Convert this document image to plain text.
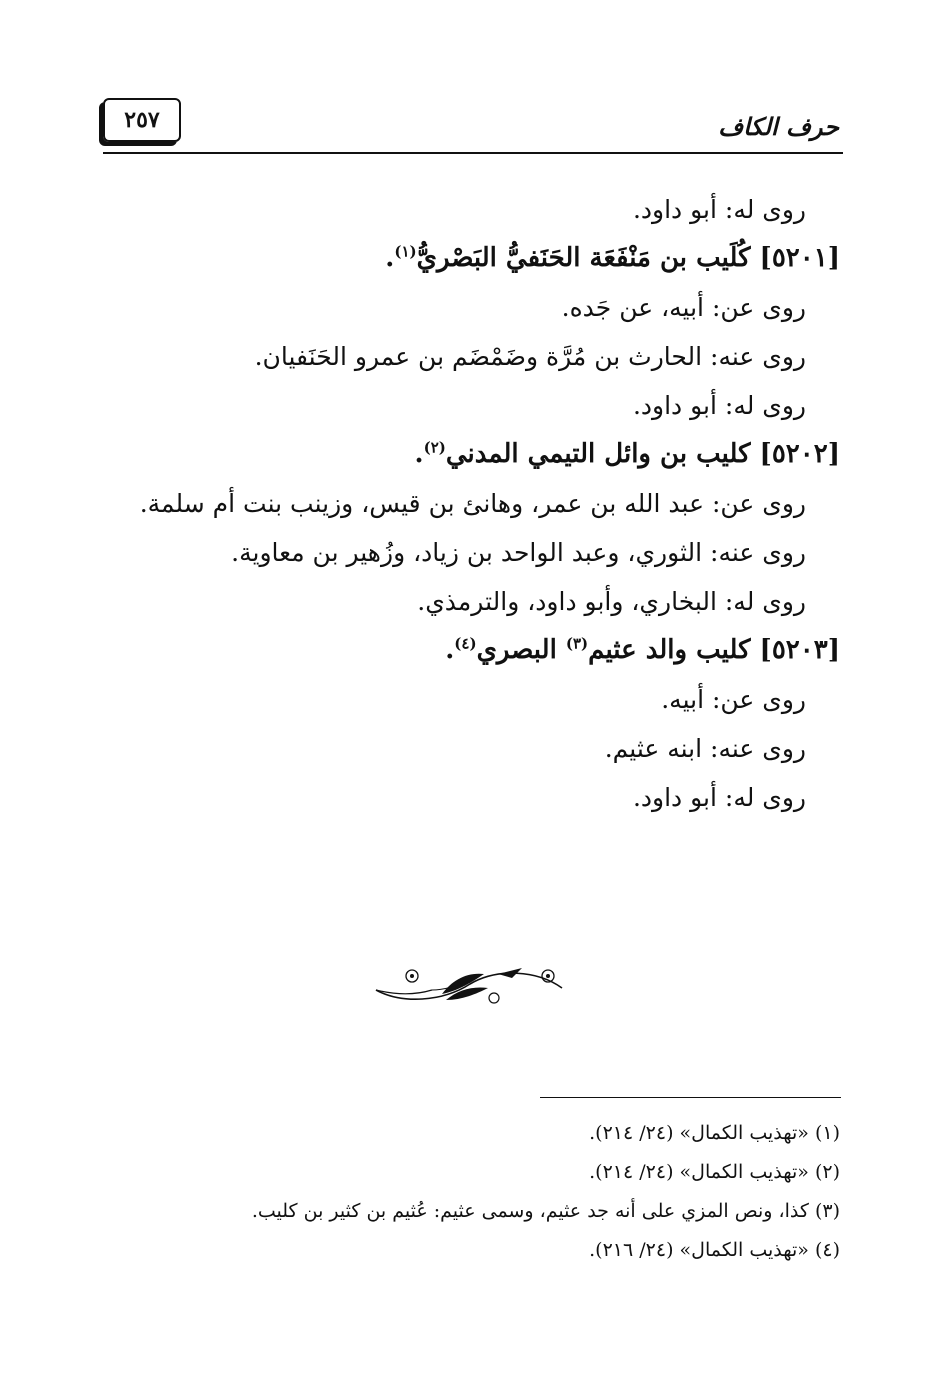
٢٥٧	حرف الكاف
روى له: أبو داود.
[٥٢٠١] كُلَيب بن مَنْفَعَة الحَنَفيُّ البَصْريُّ$^{(١)}$.
روى عن: أبيه، عن جَده.
روى عنه: الحارث بن مُرَّة وضَمْضَم بن عمرو الحَنَفيان.
روى له: أبو داود.
[٥٢٠٢] كليب بن وائل التيمي المدني$^{(٢)}$.
روى عن: عبد الله بن عمر، وهانئ بن قيس، وزينب بنت أم سلمة.
روى عنه: الثوري، وعبد الواحد بن زياد، وزُهير بن معاوية.
روى له: البخاري، وأبو داود، والترمذي.
[٥٢٠٣] كليب والد عثيم$^{(٣)}$ البصري$^{(٤)}$.
روى عن: أبيه.
روى عنه: ابنه عثيم.
روى له: أبو داود.
(١) «تهذيب الكمال» (٢٤/ ٢١٤).
(٢) «تهذيب الكمال» (٢٤/ ٢١٤).
(٣) كذا، ونص المزي على أنه جد عثيم، وسمى عثيم: عُثيم بن كثير بن كليب.
(٤) «تهذيب الكمال» (٢٤/ ٢١٦).
